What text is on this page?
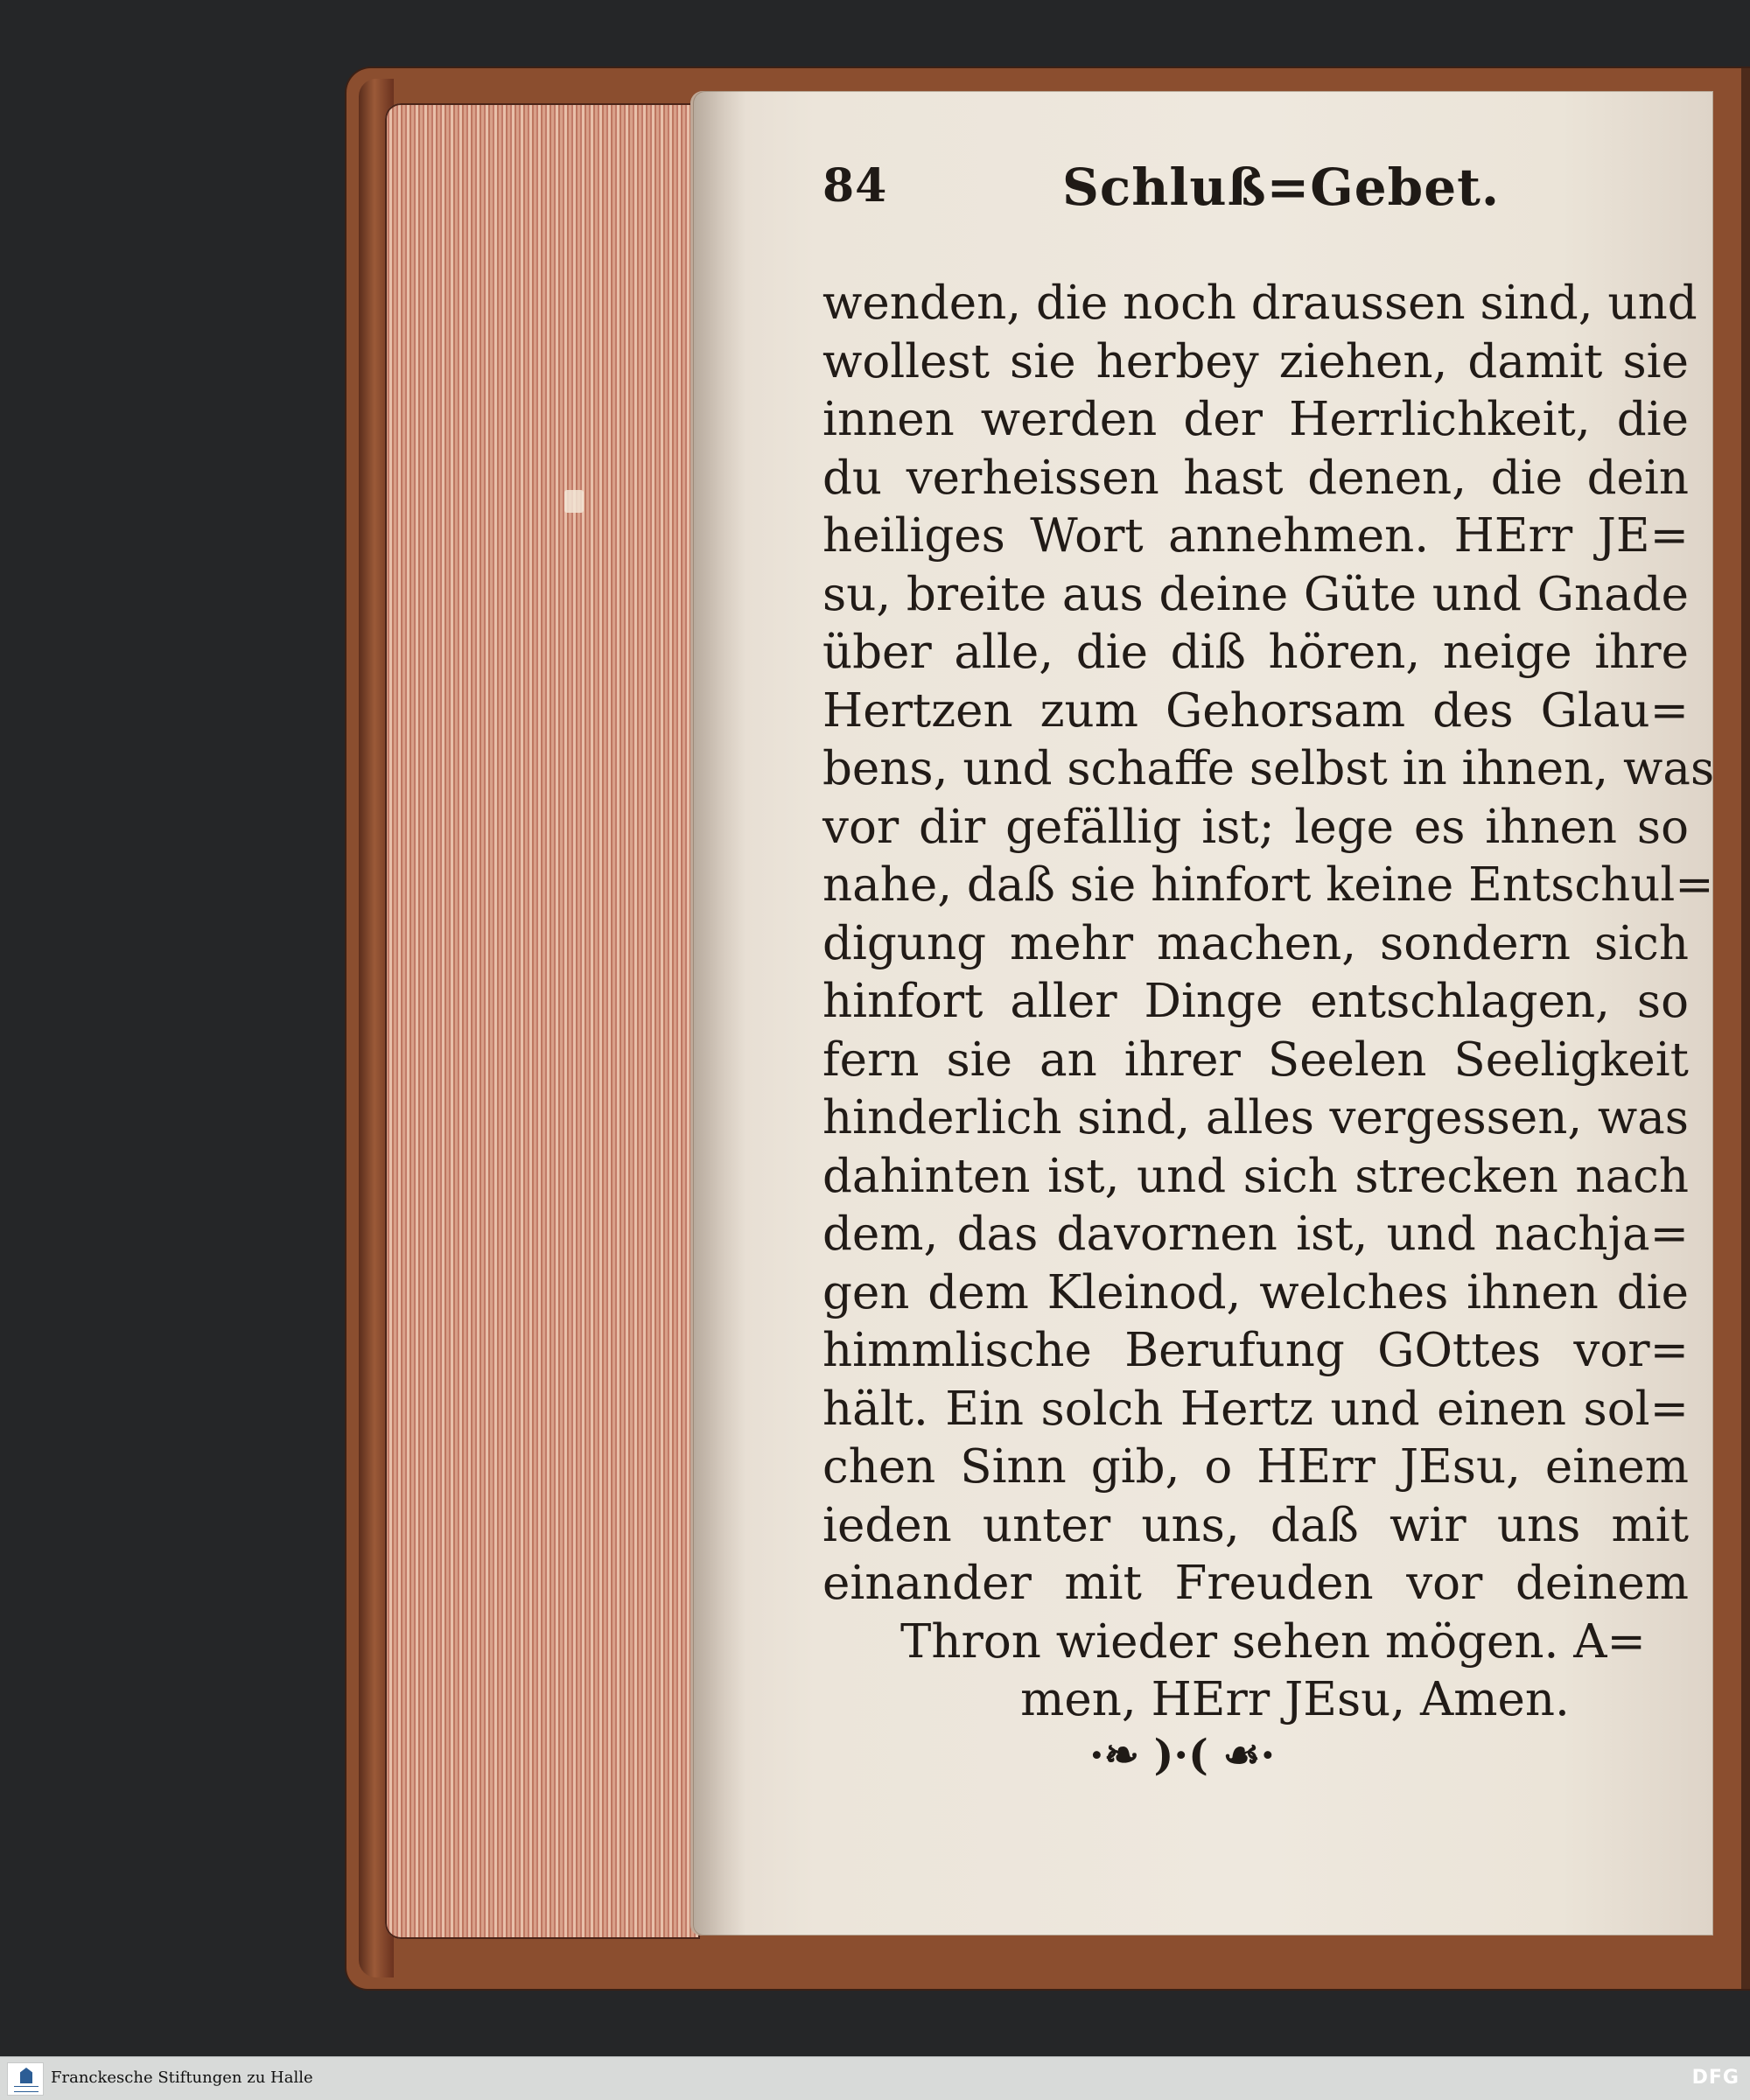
84	Schluß=Gebet.
wenden, die noch draussen sind, und
wollest sie herbey ziehen, damit sie
innen werden der Herrlichkeit, die
du verheissen hast denen, die dein
heiliges Wort annehmen. HErr JE=
su, breite aus deine Güte und Gnade
über alle, die diß hören, neige ihre
Hertzen zum Gehorsam des Glau=
bens, und schaffe selbst in ihnen, was
vor dir gefällig ist; lege es ihnen so
nahe, daß sie hinfort keine Entschul=
digung mehr machen, sondern sich
hinfort aller Dinge entschlagen, so
fern sie an ihrer Seelen Seeligkeit
hinderlich sind, alles vergessen, was
dahinten ist, und sich strecken nach
dem, das davornen ist, und nachja=
gen dem Kleinod, welches ihnen die
himmlische Berufung GOttes vor=
hält. Ein solch Hertz und einen sol=
chen Sinn gib, o HErr JEsu, einem
ieden unter uns, daß wir uns mit
einander mit Freuden vor deinem
Thron wieder sehen mögen. A=
men, HErr JEsu, Amen.
·❧ )·( ☙·
Franckesche Stiftungen zu Halle	DFG
